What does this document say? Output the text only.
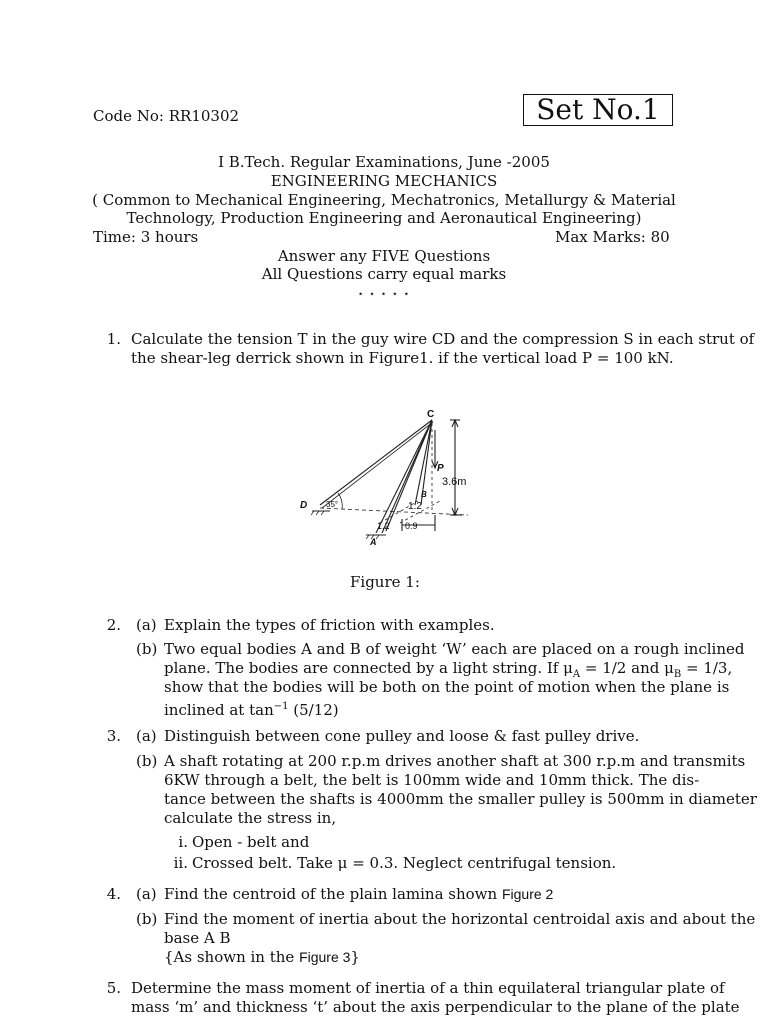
Code No: RR10302	Set No.1
I B.Tech. Regular Examinations, June -2005
ENGINEERING MECHANICS
( Common to Mechanical Engineering, Mechatronics, Metallurgy & Material
Technology, Production Engineering and Aeronautical Engineering)
Time: 3 hours	Max Marks: 80
Answer any FIVE Questions
All Questions carry equal marks
⋆ ⋆ ⋆ ⋆ ⋆
1. Calculate the tension T in the guy wire CD and the compression S in each strut of
the shear-leg derrick shown in Figure1. if the vertical load P = 100 kN.
C
P
3.6m
D 35°
B
1.2
1.2 0.9
A
Figure 1:
2. (a) Explain the types of friction with examples.
(b) Two equal bodies A and B of weight ‘W’ each are placed on a rough inclined
plane. The bodies are connected by a light string. If $\mu_A = 1/2$ and $\mu_B = 1/3$,
show that the bodies will be both on the point of motion when the plane is
inclined at $\tan^{-1} (5/12)$
3. (a) Distinguish between cone pulley and loose & fast pulley drive.
(b) A shaft rotating at 200 r.p.m drives another shaft at 300 r.p.m and transmits
6KW through a belt, the belt is 100mm wide and 10mm thick. The dis-
tance between the shafts is 4000mm the smaller pulley is 500mm in diameter
calculate the stress in,
i. Open - belt and
ii. Crossed belt. Take μ = 0.3. Neglect centrifugal tension.
4. (a) Find the centroid of the plain lamina shown Figure 2
(b) Find the moment of inertia about the horizontal centroidal axis and about the
base A B
{As shown in the Figure 3}
5. Determine the mass moment of inertia of a thin equilateral triangular plate of
mass ‘m’ and thickness ‘t’ about the axis perpendicular to the plane of the plate
